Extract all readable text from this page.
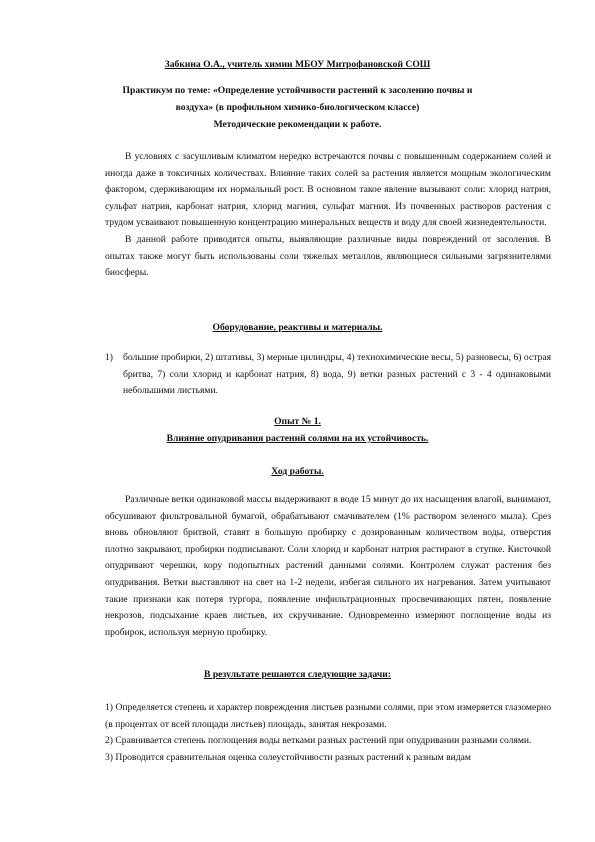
Забкина О.А., учитель химии МБОУ Митрофановской СОШ
Практикум по теме: «Определение устойчивости растений к засолению почвы и
воздуха» (в профильном химико-биологическом классе)
Методические рекомендации к работе.

В условиях с засушливым климатом нередко встречаются почвы с повышенным содержанием солей и иногда даже в токсичных количествах. Влияние таких солей за растения является мощным экологическим фактором, сдерживающим их нормальный рост. В основном такое явление вызывают соли: хлорид натрия, сульфат натрия, карбонат натрия, хлорид магния, сульфат магния. Из почвенных растворов растения с трудом усваивают повышенную концентрацию минеральных веществ и воду для своей жизнедеятельности.

В данной работе приводятся опыты, выявляющие различные виды повреждений от засоления. В опытах также могут быть использованы соли тяжелых металлов, являющиеся сильными загрязнителями биосферы.

Оборудование, реактивы и материалы.
1) большие пробирки, 2) штативы, 3) мерные цилиндры, 4) технохимические весы, 5) разновесы, 6) острая бритва, 7) соли хлорид и карбонат натрия, 8) вода, 9) ветки разных растений с 3 - 4 одинаковыми небольшими листьями.
Опыт № 1.
Влияние опудривания растений солями на их устойчивость.
Ход работы.

Различные ветки одинаковой массы выдерживают в воде 15 минут до их насыщения влагой, вынимают, обсушивают фильтровальной бумагой, обрабатывают смачивателем (1% раствором зеленого мыла). Срез вновь обновляют бритвой, ставят в большую пробирку с дозированным количеством воды, отверстия плотно закрывают, пробирки подписывают. Соли хлорид и карбонат натрия растирают в ступке. Кисточкой опудривают черешки, кору подопытных растений данными солями. Контролем служат растения без опудривания. Ветки выставляют на свет на 1-2 недели, избегая сильного их нагревания. Затем учитывают такие признаки как потеря тургора, появление инфильтрационных просвечивающих пятен, появление некрозов, подсыхание краев листьев, их скручивание. Одновременно измеряют поглощение воды из пробирок, используя мерную пробирку.

В результате решаются следующие задачи:

1) Определяется степень и характер повреждения листьев разными солями, при этом измеряется глазомерно (в процентах от всей площади листьев) площадь, занятая некрозами.

2) Сравнивается степень поглощения воды ветками разных растений при опудривании разными солями.

3) Проводится сравнительная оценка солеустойчивости разных растений к разным видам
